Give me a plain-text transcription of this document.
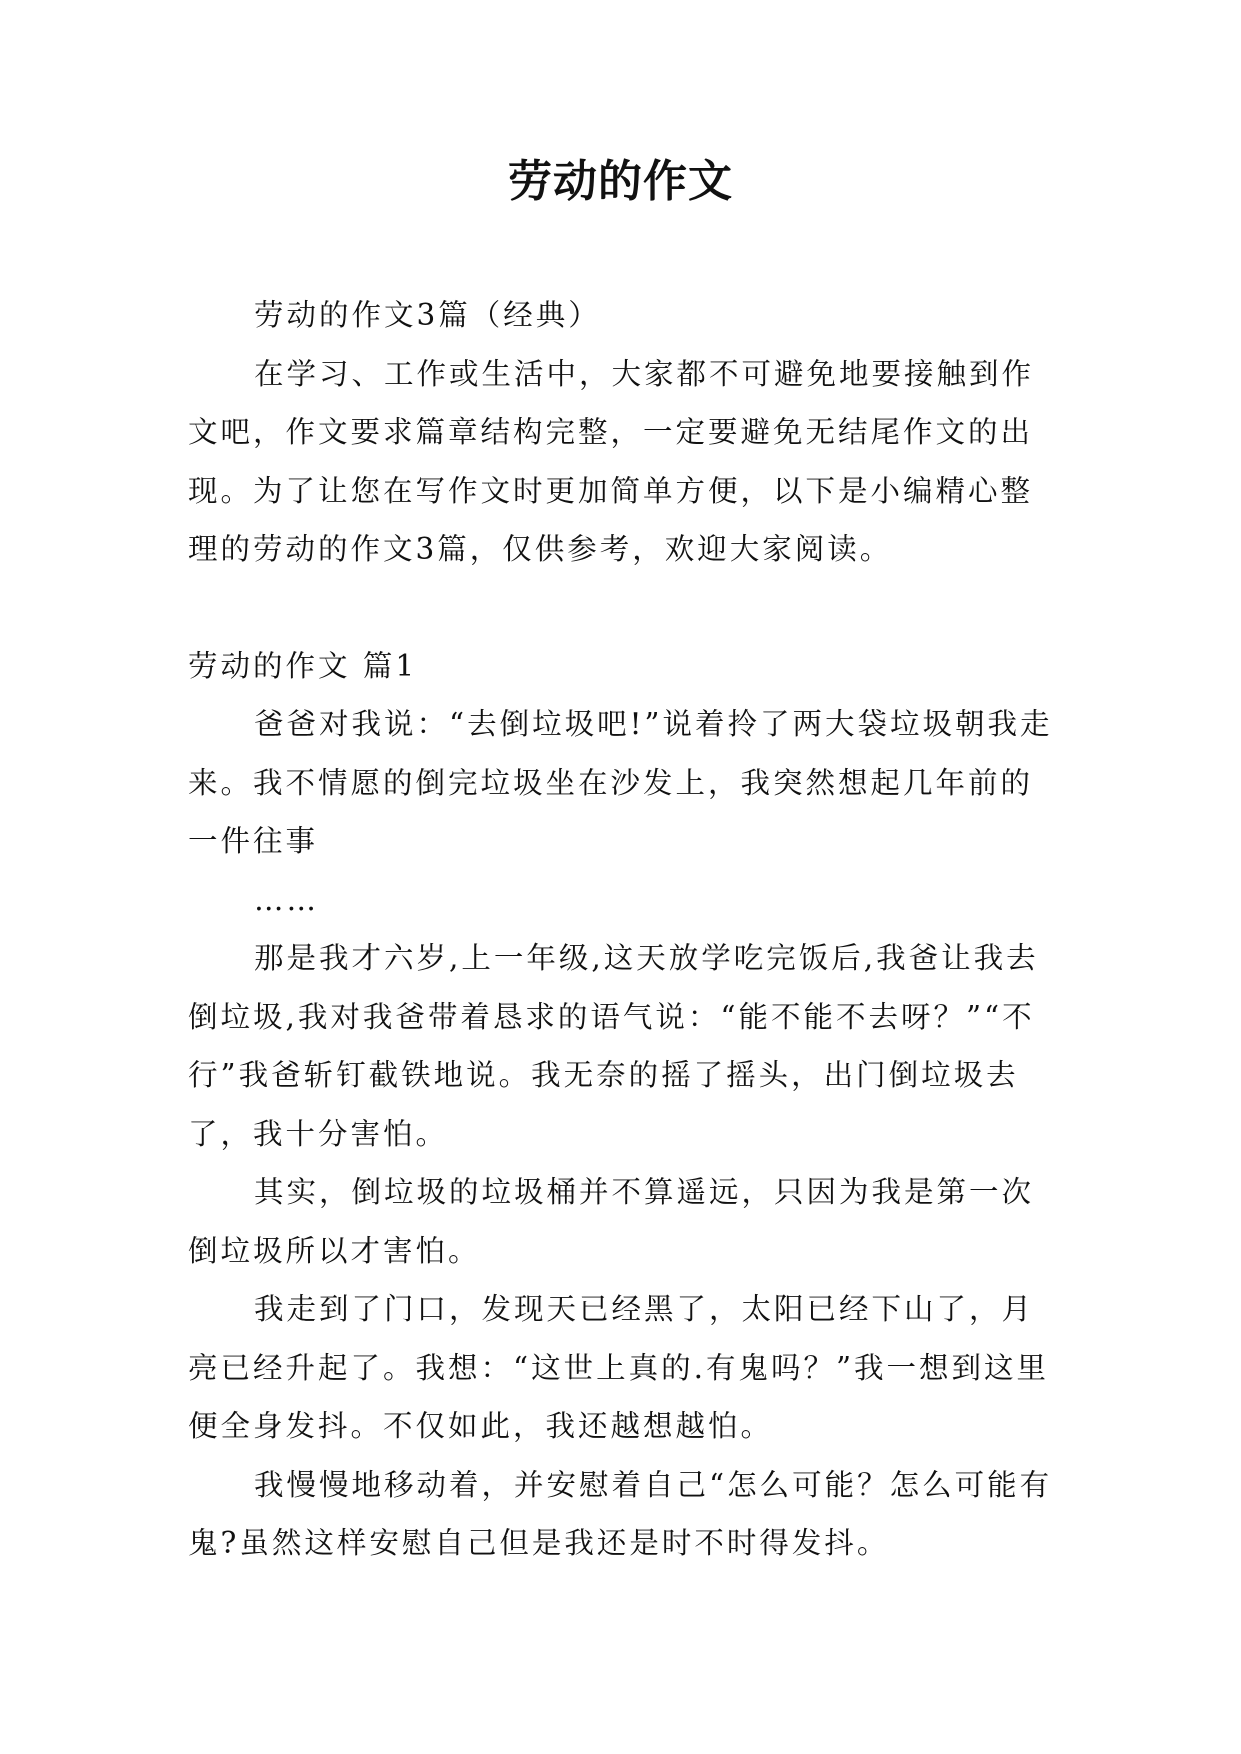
劳动的作文

劳动的作文3篇（经典）

在学习、工作或生活中，大家都不可避免地要接触到作文吧，作文要求篇章结构完整，一定要避免无结尾作文的出现。为了让您在写作文时更加简单方便，以下是小编精心整理的劳动的作文3篇，仅供参考，欢迎大家阅读。

劳动的作文 篇1

爸爸对我说：“去倒垃圾吧!”说着拎了两大袋垃圾朝我走来。我不情愿的倒完垃圾坐在沙发上，我突然想起几年前的一件往事

……

那是我才六岁,上一年级,这天放学吃完饭后,我爸让我去倒垃圾,我对我爸带着恳求的语气说：“能不能不去呀？”“不行”我爸斩钉截铁地说。我无奈的摇了摇头，出门倒垃圾去了，我十分害怕。

其实，倒垃圾的垃圾桶并不算遥远，只因为我是第一次倒垃圾所以才害怕。

我走到了门口，发现天已经黑了，太阳已经下山了，月亮已经升起了。我想：“这世上真的.有鬼吗？”我一想到这里便全身发抖。不仅如此，我还越想越怕。

我慢慢地移动着，并安慰着自己“怎么可能？怎么可能有鬼?虽然这样安慰自己但是我还是时不时得发抖。
